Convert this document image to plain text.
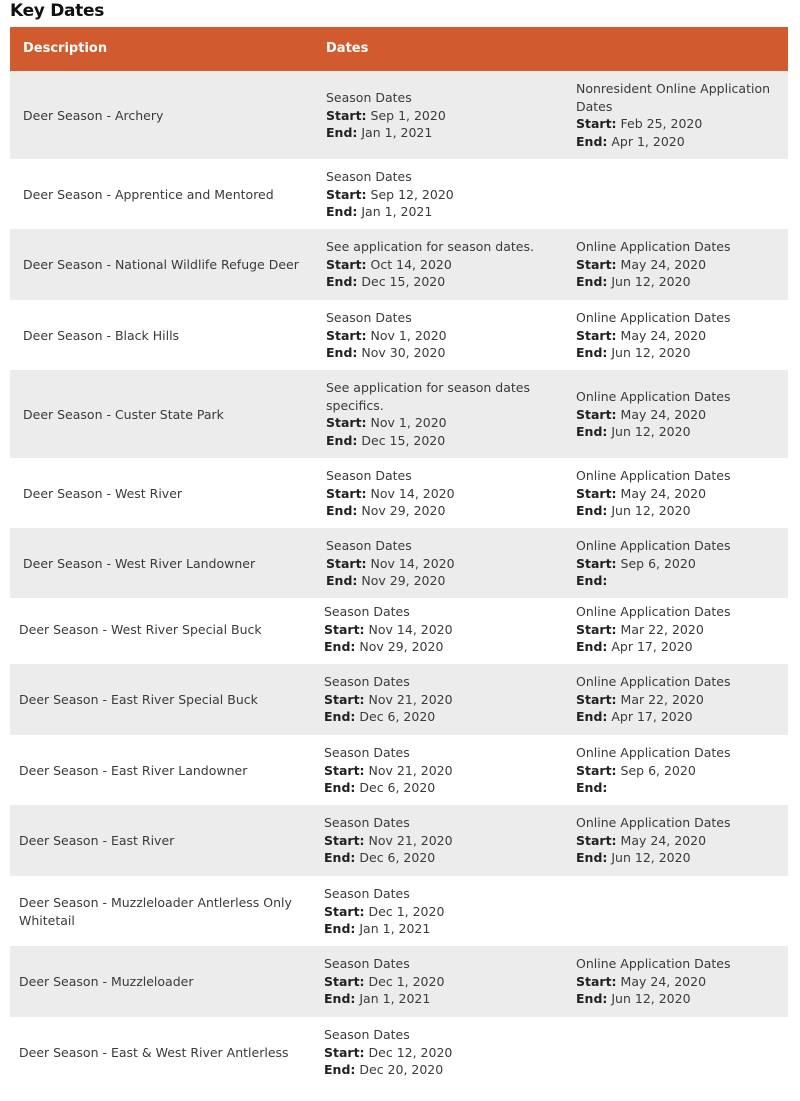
Key Dates
Description	Dates
Deer Season - Archery
Season Dates
Start: Sep 1, 2020
End: Jan 1, 2021
Nonresident Online Application Dates
Start: Feb 25, 2020
End: Apr 1, 2020
Deer Season - Apprentice and Mentored
Season Dates
Start: Sep 12, 2020
End: Jan 1, 2021
Deer Season - National Wildlife Refuge Deer
See application for season dates.
Start: Oct 14, 2020
End: Dec 15, 2020
Online Application Dates
Start: May 24, 2020
End: Jun 12, 2020
Deer Season - Black Hills
Season Dates
Start: Nov 1, 2020
End: Nov 30, 2020
Online Application Dates
Start: May 24, 2020
End: Jun 12, 2020
Deer Season - Custer State Park
See application for season dates specifics.
Start: Nov 1, 2020
End: Dec 15, 2020
Online Application Dates
Start: May 24, 2020
End: Jun 12, 2020
Deer Season - West River
Season Dates
Start: Nov 14, 2020
End: Nov 29, 2020
Online Application Dates
Start: May 24, 2020
End: Jun 12, 2020
Deer Season - West River Landowner
Season Dates
Start: Nov 14, 2020
End: Nov 29, 2020
Online Application Dates
Start: Sep 6, 2020
End:
Deer Season - West River Special Buck
Season Dates
Start: Nov 14, 2020
End: Nov 29, 2020
Online Application Dates
Start: Mar 22, 2020
End: Apr 17, 2020
Deer Season - East River Special Buck
Season Dates
Start: Nov 21, 2020
End: Dec 6, 2020
Online Application Dates
Start: Mar 22, 2020
End: Apr 17, 2020
Deer Season - East River Landowner
Season Dates
Start: Nov 21, 2020
End: Dec 6, 2020
Online Application Dates
Start: Sep 6, 2020
End:
Deer Season - East River
Season Dates
Start: Nov 21, 2020
End: Dec 6, 2020
Online Application Dates
Start: May 24, 2020
End: Jun 12, 2020
Deer Season - Muzzleloader Antlerless Only Whitetail
Season Dates
Start: Dec 1, 2020
End: Jan 1, 2021
Deer Season - Muzzleloader
Season Dates
Start: Dec 1, 2020
End: Jan 1, 2021
Online Application Dates
Start: May 24, 2020
End: Jun 12, 2020
Deer Season - East & West River Antlerless
Season Dates
Start: Dec 12, 2020
End: Dec 20, 2020
